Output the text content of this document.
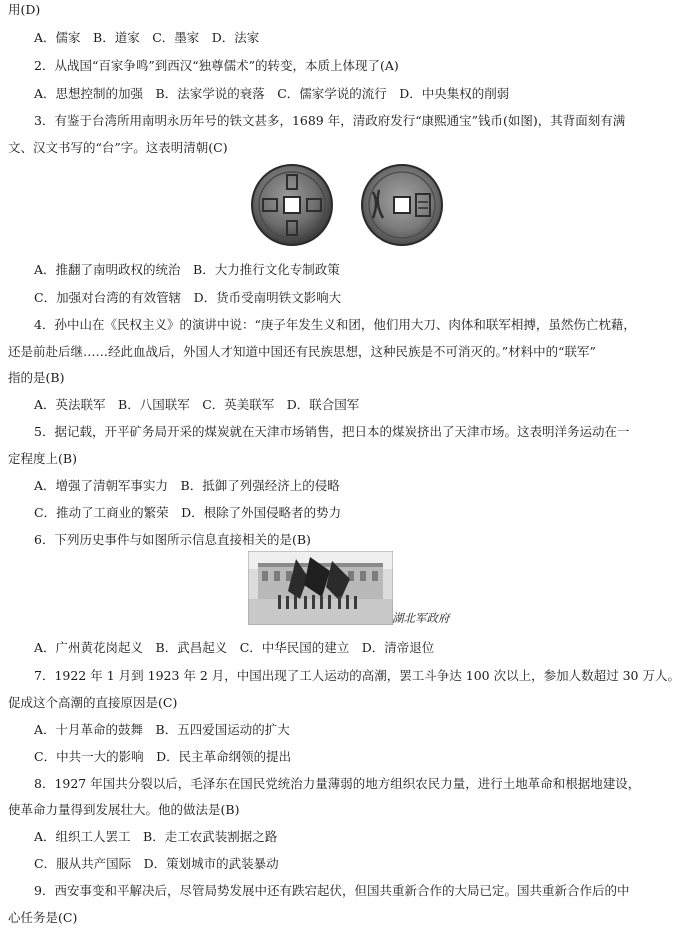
用(D)
A．儒家　B．道家　C．墨家　D．法家
2．从战国“百家争鸣”到西汉“独尊儒术”的转变，本质上体现了(A)
A．思想控制的加强　B．法家学说的衰落　C．儒家学说的流行　D．中央集权的削弱
3．有鉴于台湾所用南明永历年号的铁文甚多，1689 年，清政府发行“康熙通宝”钱币(如图)，其背面刻有满
文、汉文书写的“台”字。这表明清朝(C)
A．推翻了南明政权的统治　B．大力推行文化专制政策
C．加强对台湾的有效管辖　D．货币受南明铁文影响大
4．孙中山在《民权主义》的演讲中说：“庚子年发生义和团，他们用大刀、肉体和联军相搏，虽然伤亡枕藉，
还是前赴后继……经此血战后，外国人才知道中国还有民族思想，这种民族是不可消灭的。”材料中的“联军”
指的是(B)
A．英法联军　B．八国联军　C．英美联军　D．联合国军
5．据记载，开平矿务局开采的煤炭就在天津市场销售，把日本的煤炭挤出了天津市场。这表明洋务运动在一
定程度上(B)
A．增强了清朝军事实力　B．抵御了列强经济上的侵略
C．推动了工商业的繁荣　D．根除了外国侵略者的势力
6．下列历史事件与如图所示信息直接相关的是(B)
湖北军政府
A．广州黄花岗起义　B．武昌起义　C．中华民国的建立　D．清帝退位
7．1922 年 1 月到 1923 年 2 月，中国出现了工人运动的高潮，罢工斗争达 100 次以上，参加人数超过 30 万人。
促成这个高潮的直接原因是(C)
A．十月革命的鼓舞　B．五四爱国运动的扩大
C．中共一大的影响　D．民主革命纲领的提出
8．1927 年国共分裂以后，毛泽东在国民党统治力量薄弱的地方组织农民力量，进行土地革命和根据地建设，
使革命力量得到发展壮大。他的做法是(B)
A．组织工人罢工　B．走工农武装割据之路
C．服从共产国际　D．策划城市的武装暴动
9．西安事变和平解决后，尽管局势发展中还有跌宕起伏，但国共重新合作的大局已定。国共重新合作后的中
心任务是(C)
